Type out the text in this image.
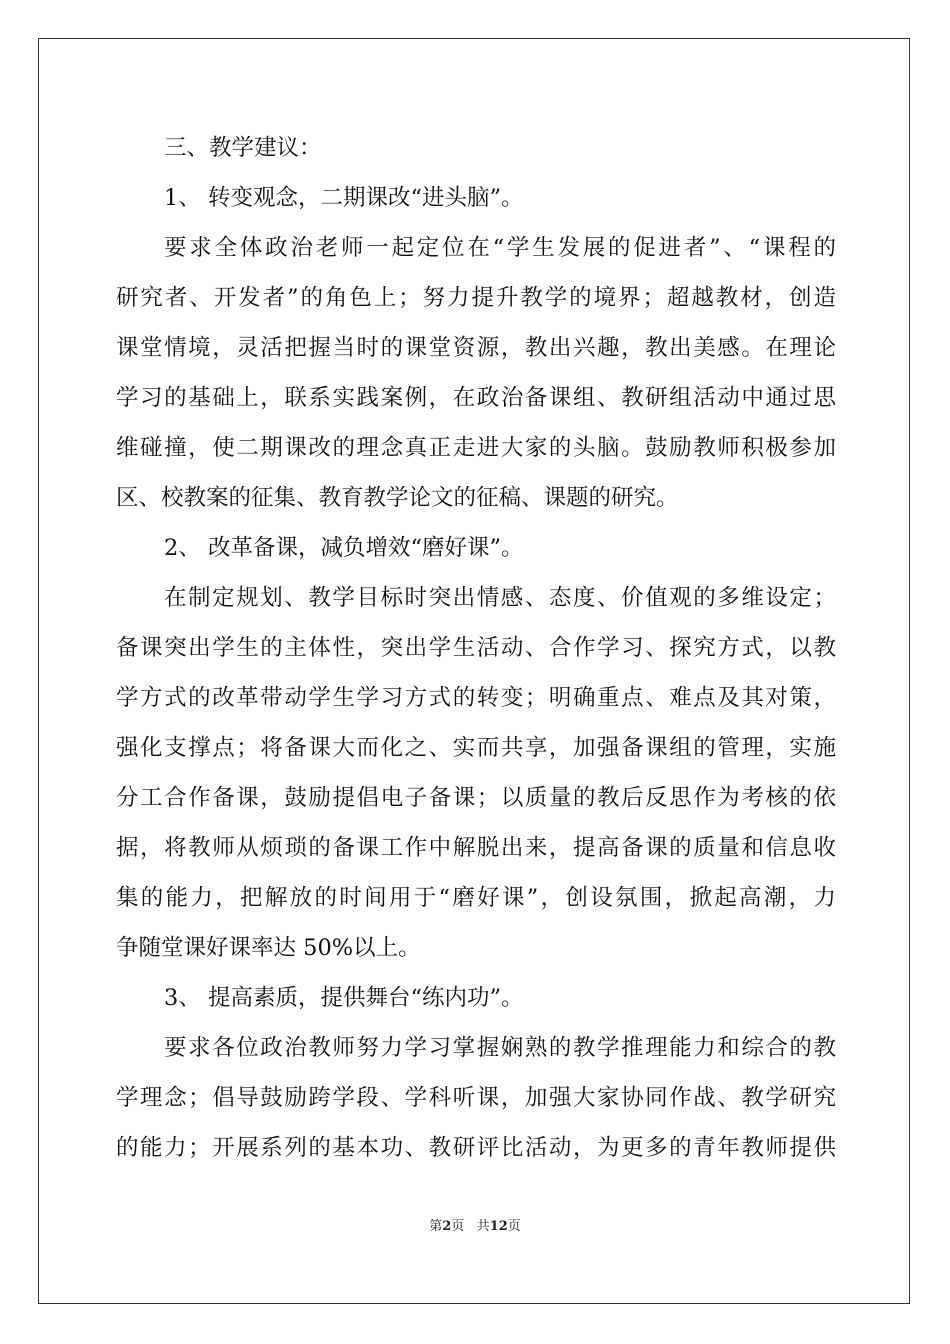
三、教学建议：
1、 转变观念，二期课改“进头脑”。
要求全体政治老师一起定位在“学生发展的促进者”、“课程的
研究者、开发者”的角色上；努力提升教学的境界；超越教材，创造
课堂情境，灵活把握当时的课堂资源，教出兴趣，教出美感。在理论
学习的基础上，联系实践案例，在政治备课组、教研组活动中通过思
维碰撞，使二期课改的理念真正走进大家的头脑。鼓励教师积极参加
区、校教案的征集、教育教学论文的征稿、课题的研究。
2、 改革备课，减负增效“磨好课”。
在制定规划、教学目标时突出情感、态度、价值观的多维设定；
备课突出学生的主体性，突出学生活动、合作学习、探究方式，以教
学方式的改革带动学生学习方式的转变；明确重点、难点及其对策，
强化支撑点；将备课大而化之、实而共享，加强备课组的管理，实施
分工合作备课，鼓励提倡电子备课；以质量的教后反思作为考核的依
据，将教师从烦琐的备课工作中解脱出来，提高备课的质量和信息收
集的能力，把解放的时间用于“磨好课”，创设氛围，掀起高潮，力
争随堂课好课率达 50%以上。
3、 提高素质，提供舞台“练内功”。
要求各位政治教师努力学习掌握娴熟的教学推理能力和综合的教
学理念；倡导鼓励跨学段、学科听课，加强大家协同作战、教学研究
的能力；开展系列的基本功、教研评比活动，为更多的青年教师提供
第2页 共12页
